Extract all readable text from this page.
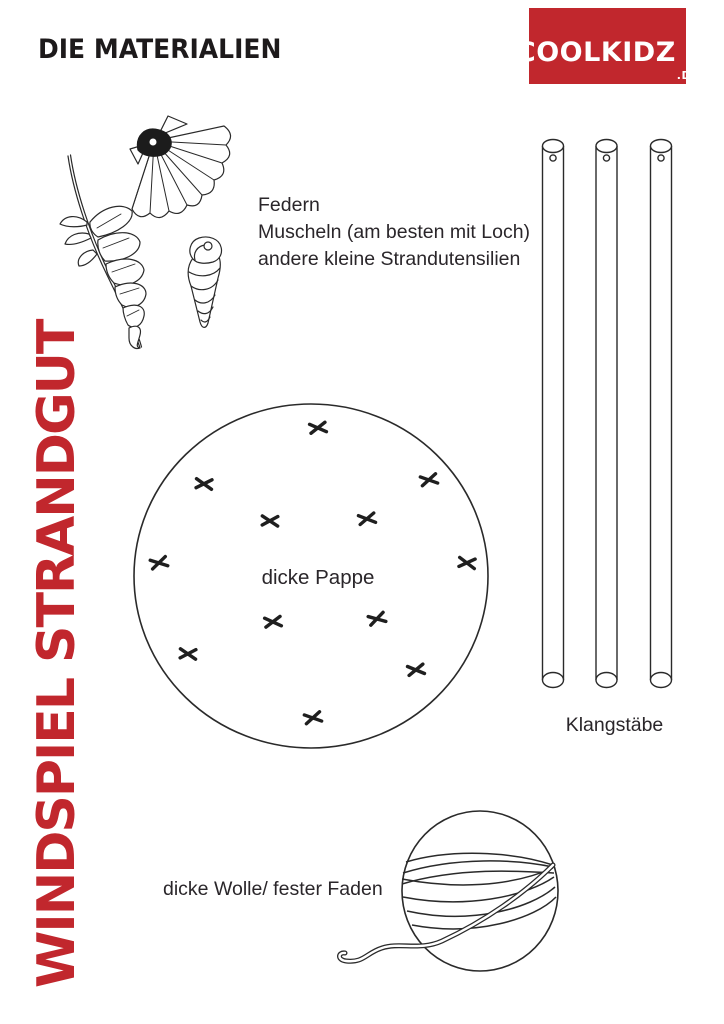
DIE MATERIALIEN	COOLKIDZ
.DE
WINDSPIEL STRANDGUT
Federn
Muscheln (am besten mit Loch)
andere kleine Strandutensilien
dicke Pappe
Klangstäbe
dicke Wolle/ fester Faden
